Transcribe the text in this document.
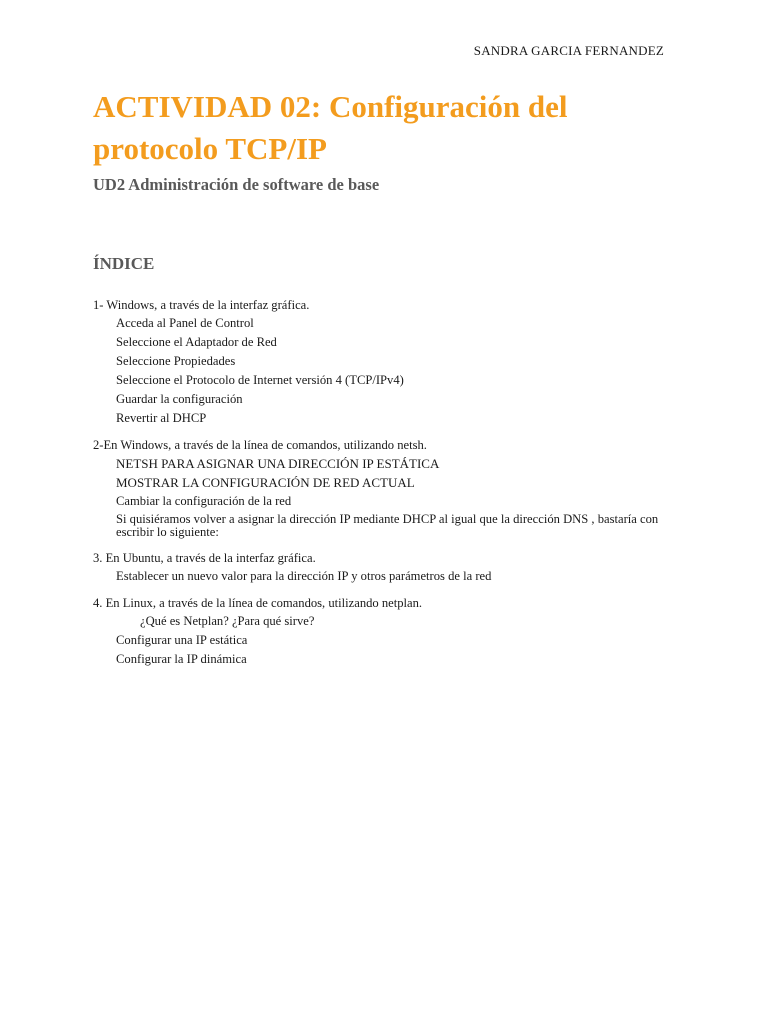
SANDRA GARCIA FERNANDEZ
ACTIVIDAD 02: Configuración del protocolo TCP/IP
UD2 Administración de software de base
ÍNDICE
1- Windows, a través de la interfaz gráfica.
Acceda al Panel de Control
Seleccione el Adaptador de Red
Seleccione Propiedades
Seleccione el Protocolo de Internet versión 4 (TCP/IPv4)
Guardar la configuración
Revertir al DHCP
2-En Windows, a través de la línea de comandos, utilizando netsh.
NETSH PARA ASIGNAR UNA DIRECCIÓN IP ESTÁTICA
MOSTRAR LA CONFIGURACIÓN DE RED ACTUAL
Cambiar la configuración de la red
Si quisiéramos volver a asignar la dirección IP mediante DHCP al igual que la dirección DNS , bastaría con escribir lo siguiente:
3. En Ubuntu, a través de la interfaz gráfica.
Establecer un nuevo valor para la dirección IP y otros parámetros de la red
4. En Linux, a través de la línea de comandos, utilizando netplan.
¿Qué es Netplan? ¿Para qué sirve?
Configurar una IP estática
Configurar la IP dinámica
